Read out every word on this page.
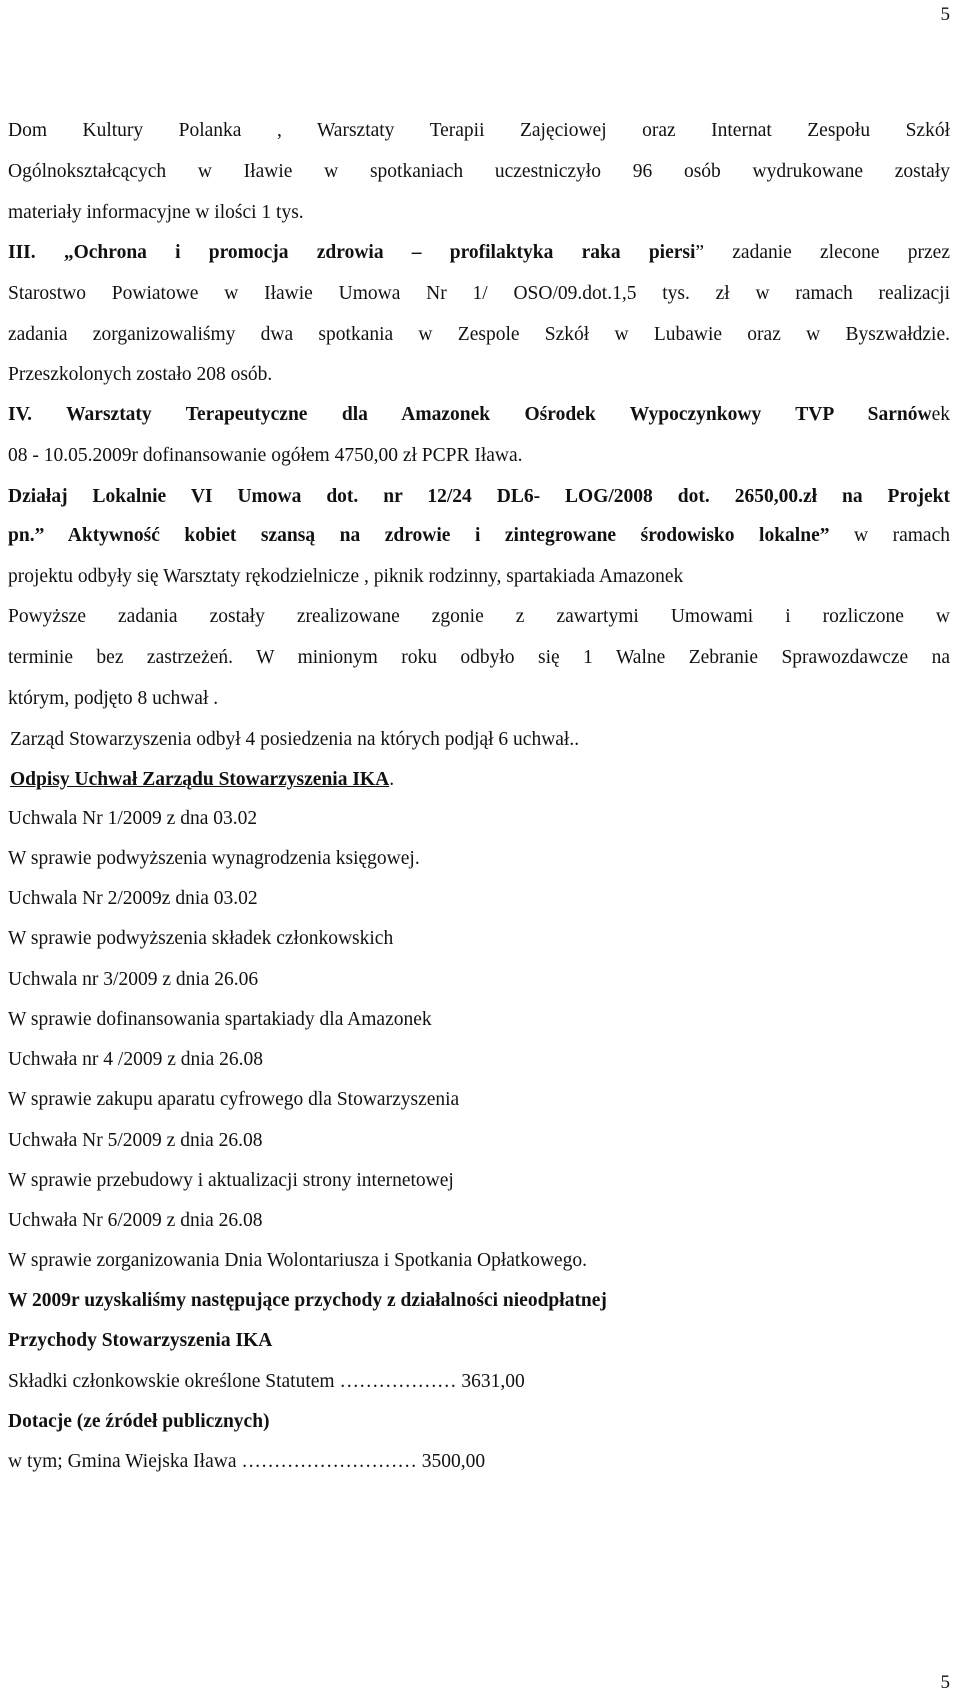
5
Dom Kultury Polanka , Warsztaty Terapii Zajęciowej oraz Internat Zespołu Szkół
Ogólnokształcących w Iławie w spotkaniach uczestniczyło 96 osób wydrukowane zostały
materiały informacyjne w ilości 1 tys.
III. „Ochrona i promocja zdrowia – profilaktyka raka piersi” zadanie zlecone przez
Starostwo Powiatowe w Iławie Umowa Nr 1/ OSO/09.dot.1,5 tys. zł w ramach realizacji
zadania zorganizowaliśmy dwa spotkania w Zespole Szkół w Lubawie oraz w Byszwałdzie.
Przeszkolonych zostało 208 osób.
IV. Warsztaty Terapeutyczne dla Amazonek Ośrodek Wypoczynkowy TVP Sarnówek
08 - 10.05.2009r dofinansowanie ogółem 4750,00 zł PCPR Iława.
Działaj Lokalnie VI Umowa dot. nr 12/24 DL6- LOG/2008 dot. 2650,00.zł na Projekt
pn.” Aktywność kobiet szansą na zdrowie i zintegrowane środowisko lokalne” w ramach
projektu odbyły się Warsztaty rękodzielnicze , piknik rodzinny, spartakiada Amazonek
Powyższe zadania zostały zrealizowane zgonie z zawartymi Umowami i rozliczone w
terminie bez zastrzeżeń. W minionym roku odbyło się 1 Walne Zebranie Sprawozdawcze na
którym, podjęto 8 uchwał .
Zarząd Stowarzyszenia odbył 4 posiedzenia na których podjął 6 uchwał..
Odpisy Uchwał Zarządu Stowarzyszenia IKA.
Uchwala Nr 1/2009 z dna 03.02
W sprawie podwyższenia wynagrodzenia księgowej.
Uchwala Nr 2/2009z dnia 03.02
W sprawie podwyższenia składek członkowskich
Uchwala nr 3/2009 z dnia 26.06
W sprawie dofinansowania spartakiady dla Amazonek
Uchwała nr 4 /2009 z dnia 26.08
W sprawie zakupu aparatu cyfrowego dla Stowarzyszenia
Uchwała Nr 5/2009 z dnia 26.08
W sprawie przebudowy i aktualizacji strony internetowej
Uchwała Nr 6/2009 z dnia 26.08
W sprawie zorganizowania Dnia Wolontariusza i Spotkania Opłatkowego.
W 2009r uzyskaliśmy następujące przychody z działalności nieodpłatnej
Przychody Stowarzyszenia IKA
Składki członkowskie określone Statutem ……………… 3631,00
Dotacje (ze źródeł publicznych)
w tym; Gmina Wiejska Iława ……………………… 3500,00
5
